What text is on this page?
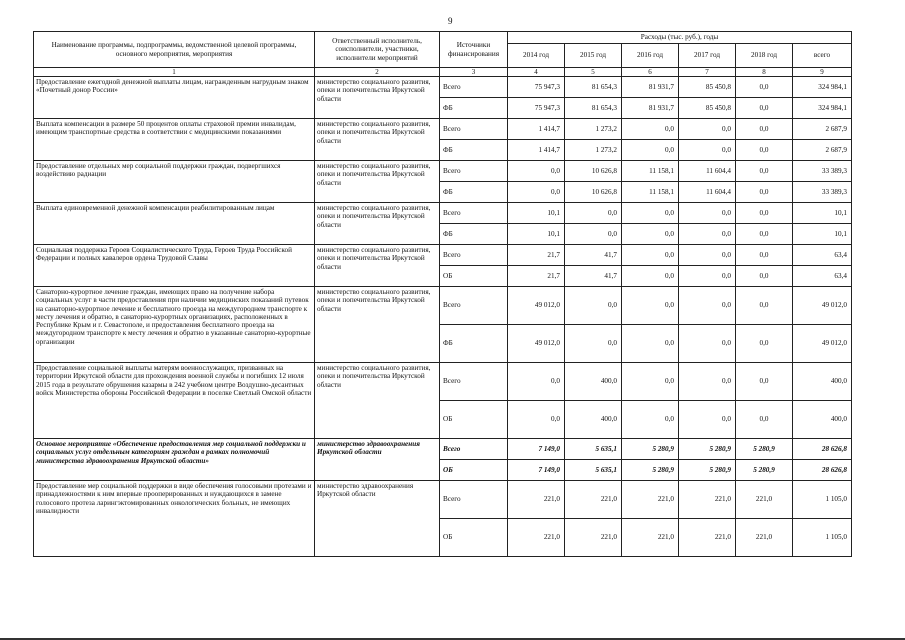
9
Наименование программы, подпрограммы, ведомственной целевой программы, основного мероприятия, мероприятия	Ответственный исполнитель, соисполнители, участники, исполнители мероприятий	Источники финансирования	Расходы (тыс. руб.), годы					
			2014 год	2015 год	2016 год	2017 год	2018 год	всего
1	2	3	4	5	6	7	8	9
Предоставление ежегодной денежной выплаты лицам, награжденным нагрудным знаком «Почетный донор России»	министерство социального развития, опеки и попечительства Иркутской области	Всего	75 947,3	81 654,3	81 931,7	85 450,8	0,0	324 984,1
		ФБ	75 947,3	81 654,3	81 931,7	85 450,8	0,0	324 984,1
Выплата компенсации в размере 50 процентов оплаты страховой премии инвалидам, имеющим транспортные средства в соответствии с медицинскими показаниями	министерство социального развития, опеки и попечительства Иркутской области	Всего	1 414,7	1 273,2	0,0	0,0	0,0	2 687,9
		ФБ	1 414,7	1 273,2	0,0	0,0	0,0	2 687,9
Предоставление отдельных мер социальной поддержки граждан, подвергшихся воздействию радиации	министерство социального развития, опеки и попечительства Иркутской области	Всего	0,0	10 626,8	11 158,1	11 604,4	0,0	33 389,3
		ФБ	0,0	10 626,8	11 158,1	11 604,4	0,0	33 389,3
Выплата единовременной денежной компенсации реабилитированным лицам	министерство социального развития, опеки и попечительства Иркутской области	Всего	10,1	0,0	0,0	0,0	0,0	10,1
		ФБ	10,1	0,0	0,0	0,0	0,0	10,1
Социальная поддержка Героев Социалистического Труда, Героев Труда Российской Федерации и полных кавалеров ордена Трудовой Славы	министерство социального развития, опеки и попечительства Иркутской области	Всего	21,7	41,7	0,0	0,0	0,0	63,4
		ОБ	21,7	41,7	0,0	0,0	0,0	63,4
Санаторно-курортное лечение граждан, имеющих право на получение набора социальных услуг в части предоставления при наличии медицинских показаний путевок на санаторно-курортное лечение и бесплатного проезда на междугороднем транспорте к месту лечения и обратно, в санаторно-курортных организациях, расположенных в Республике Крым и г. Севастополе, и предоставления бесплатного проезда на междугородном транспорте к месту лечения и обратно в указанные санаторно-курортные организации	министерство социального развития, опеки и попечительства Иркутской области	Всего	49 012,0	0,0	0,0	0,0	0,0	49 012,0
		ФБ	49 012,0	0,0	0,0	0,0	0,0	49 012,0
Предоставление социальной выплаты матерям военнослужащих, призванных на территории Иркутской области для прохождения военной службы и погибших 12 июля 2015 года в результате обрушения казармы в 242 учебном центре Воздушно-десантных войск Министерства обороны Российской Федерации в поселке Светлый Омской области	министерство социального развития, опеки и попечительства Иркутской области	Всего	0,0	400,0	0,0	0,0	0,0	400,0
		ОБ	0,0	400,0	0,0	0,0	0,0	400,0
Основное мероприятие «Обеспечение предоставления мер социальной поддержки и социальных услуг отдельным категориям граждан в рамках полномочий министерства здравоохранения Иркутской области»	министерство здравоохранения Иркутской области	Всего	7 149,0	5 635,1	5 280,9	5 280,9	5 280,9	28 626,8
		ОБ	7 149,0	5 635,1	5 280,9	5 280,9	5 280,9	28 626,8
Предоставление мер социальной поддержки в виде обеспечения голосовыми протезами и принадлежностями к ним впервые прооперированных и нуждающихся в замене голосового протеза ларингэктомированных онкологических больных, не имеющих инвалидности	министерство здравоохранения Иркутской области	Всего	221,0	221,0	221,0	221,0	221,0	1 105,0
		ОБ	221,0	221,0	221,0	221,0	221,0	1 105,0
